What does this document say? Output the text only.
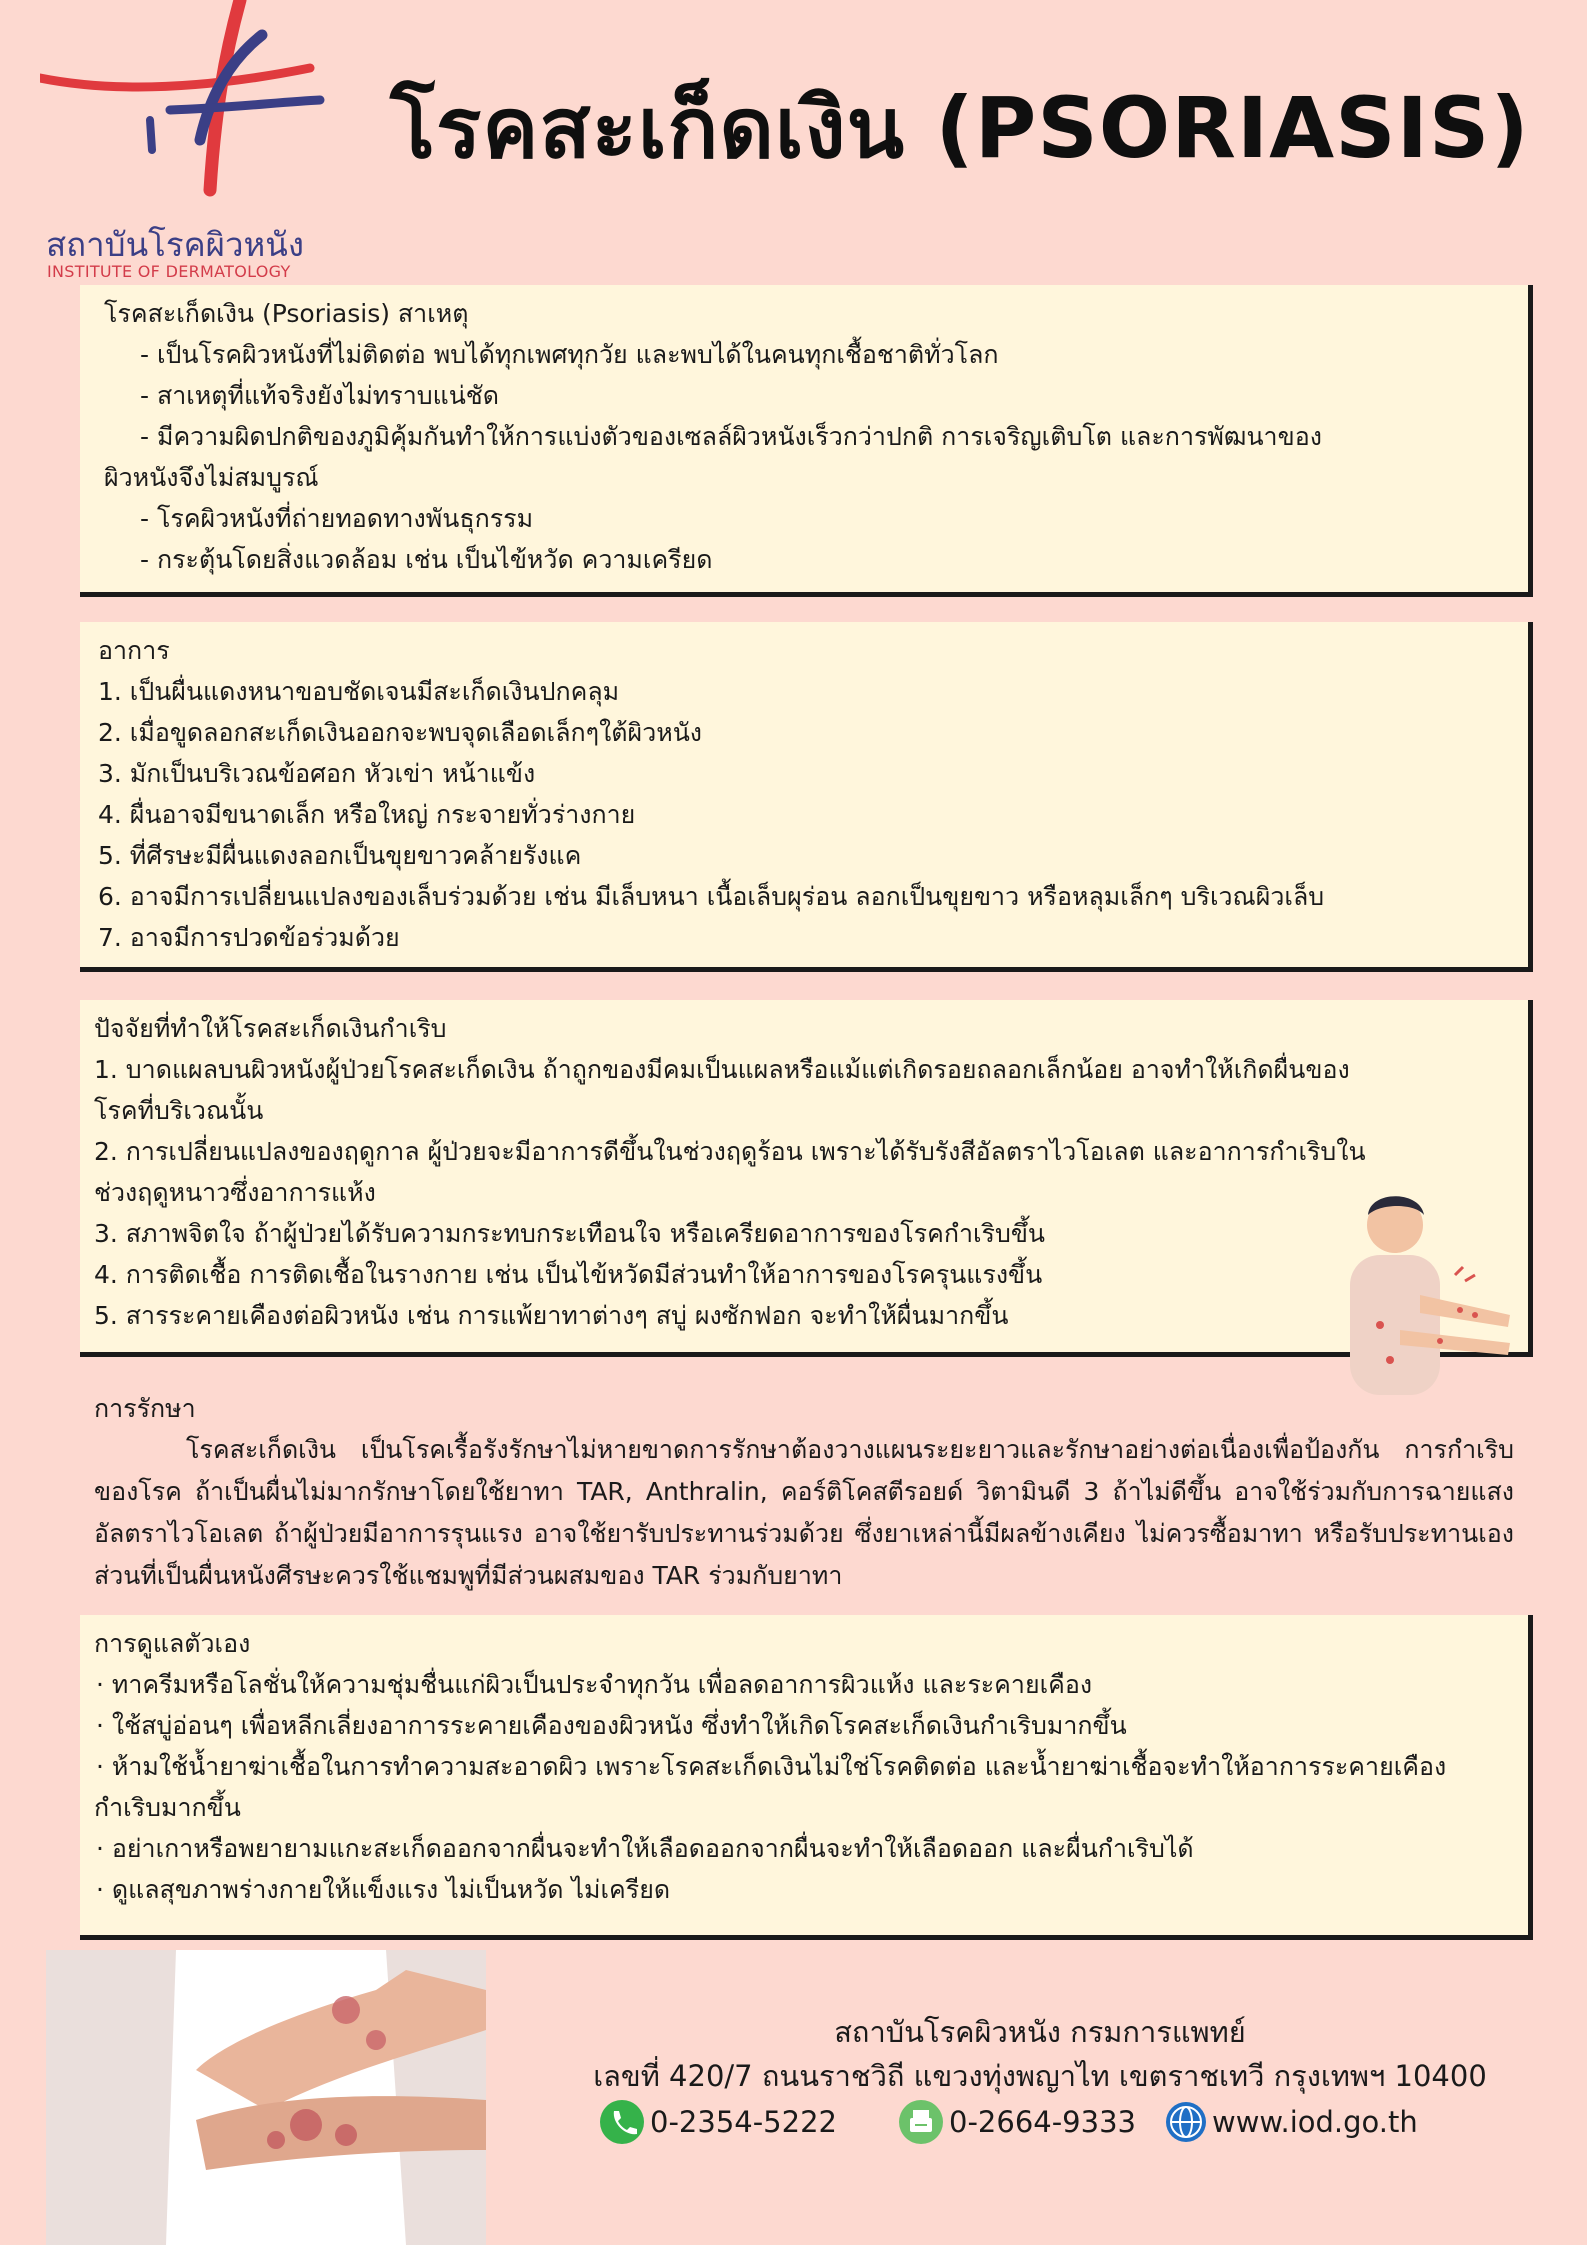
สถาบันโรคผิวหนัง
INSTITUTE OF DERMATOLOGY
โรคสะเก็ดเงิน (PSORIASIS)

โรคสะเก็ดเงิน (Psoriasis) สาเหตุ

- เป็นโรคผิวหนังที่ไม่ติดต่อ พบได้ทุกเพศทุกวัย และพบได้ในคนทุกเชื้อชาติทั่วโลก

- สาเหตุที่แท้จริงยังไม่ทราบแน่ชัด

- มีความผิดปกติของภูมิคุ้มกันทำให้การแบ่งตัวของเซลล์ผิวหนังเร็วกว่าปกติ การเจริญเติบโต และการพัฒนาของ

ผิวหนังจึงไม่สมบูรณ์

- โรคผิวหนังที่ถ่ายทอดทางพันธุกรรม

- กระตุ้นโดยสิ่งแวดล้อม เช่น เป็นไข้หวัด ความเครียด

อาการ

1. เป็นผื่นแดงหนาขอบชัดเจนมีสะเก็ดเงินปกคลุม

2. เมื่อขูดลอกสะเก็ดเงินออกจะพบจุดเลือดเล็กๆใต้ผิวหนัง

3. มักเป็นบริเวณข้อศอก หัวเข่า หน้าแข้ง

4. ผื่นอาจมีขนาดเล็ก หรือใหญ่ กระจายทั่วร่างกาย

5. ที่ศีรษะมีผื่นแดงลอกเป็นขุยขาวคล้ายรังแค

6. อาจมีการเปลี่ยนแปลงของเล็บร่วมด้วย เช่น มีเล็บหนา เนื้อเล็บผุร่อน ลอกเป็นขุยขาว หรือหลุมเล็กๆ บริเวณผิวเล็บ

7. อาจมีการปวดข้อร่วมด้วย

ปัจจัยที่ทำให้โรคสะเก็ดเงินกำเริบ

1. บาดแผลบนผิวหนังผู้ป่วยโรคสะเก็ดเงิน ถ้าถูกของมีคมเป็นแผลหรือแม้แต่เกิดรอยถลอกเล็กน้อย อาจทำให้เกิดผื่นของ

โรคที่บริเวณนั้น

2. การเปลี่ยนแปลงของฤดูกาล ผู้ป่วยจะมีอาการดีขึ้นในช่วงฤดูร้อน เพราะได้รับรังสีอัลตราไวโอเลต และอาการกำเริบใน

ช่วงฤดูหนาวซึ่งอาการแห้ง

3. สภาพจิตใจ ถ้าผู้ป่วยได้รับความกระทบกระเทือนใจ หรือเครียดอาการของโรคกำเริบขึ้น

4. การติดเชื้อ การติดเชื้อในรางกาย เช่น เป็นไข้หวัดมีส่วนทำให้อาการของโรครุนแรงขึ้น

5. สารระคายเคืองต่อผิวหนัง เช่น การแพ้ยาทาต่างๆ สบู่ ผงซักฟอก จะทำให้ผื่นมากขึ้น

การรักษา

โรคสะเก็ดเงิน เป็นโรคเรื้อรังรักษาไม่หายขาดการรักษาต้องวางแผนระยะยาวและรักษาอย่างต่อเนื่องเพื่อป้องกัน การกำเริบของโรค ถ้าเป็นผื่นไม่มากรักษาโดยใช้ยาทา TAR, Anthralin, คอร์ติโคสตีรอยด์ วิตามินดี 3 ถ้าไม่ดีขึ้น อาจใช้ร่วมกับการฉายแสงอัลตราไวโอเลต ถ้าผู้ป่วยมีอาการรุนแรง อาจใช้ยารับประทานร่วมด้วย ซึ่งยาเหล่านี้มีผลข้างเคียง ไม่ควรซื้อมาทา หรือรับประทานเอง ส่วนที่เป็นผื่นหนังศีรษะควรใช้แชมพูที่มีส่วนผสมของ TAR ร่วมกับยาทา

การดูแลตัวเอง

· ทาครีมหรือโลชั่นให้ความชุ่มชื่นแก่ผิวเป็นประจำทุกวัน เพื่อลดอาการผิวแห้ง และระคายเคือง

· ใช้สบู่อ่อนๆ เพื่อหลีกเลี่ยงอาการระคายเคืองของผิวหนัง ซึ่งทำให้เกิดโรคสะเก็ดเงินกำเริบมากขึ้น

· ห้ามใช้น้ำยาฆ่าเชื้อในการทำความสะอาดผิว เพราะโรคสะเก็ดเงินไม่ใช่โรคติดต่อ และน้ำยาฆ่าเชื้อจะทำให้อาการระคายเคือง

กำเริบมากขึ้น

· อย่าเกาหรือพยายามแกะสะเก็ดออกจากผื่นจะทำให้เลือดออกจากผื่นจะทำให้เลือดออก และผื่นกำเริบได้

· ดูแลสุขภาพร่างกายให้แข็งแรง ไม่เป็นหวัด ไม่เครียด

สถาบันโรคผิวหนัง กรมการแพทย์
เลขที่ 420/7 ถนนราชวิถี แขวงทุ่งพญาไท เขตราชเทวี กรุงเทพฯ 10400
0-2354-5222	0-2664-9333	www.iod.go.th
